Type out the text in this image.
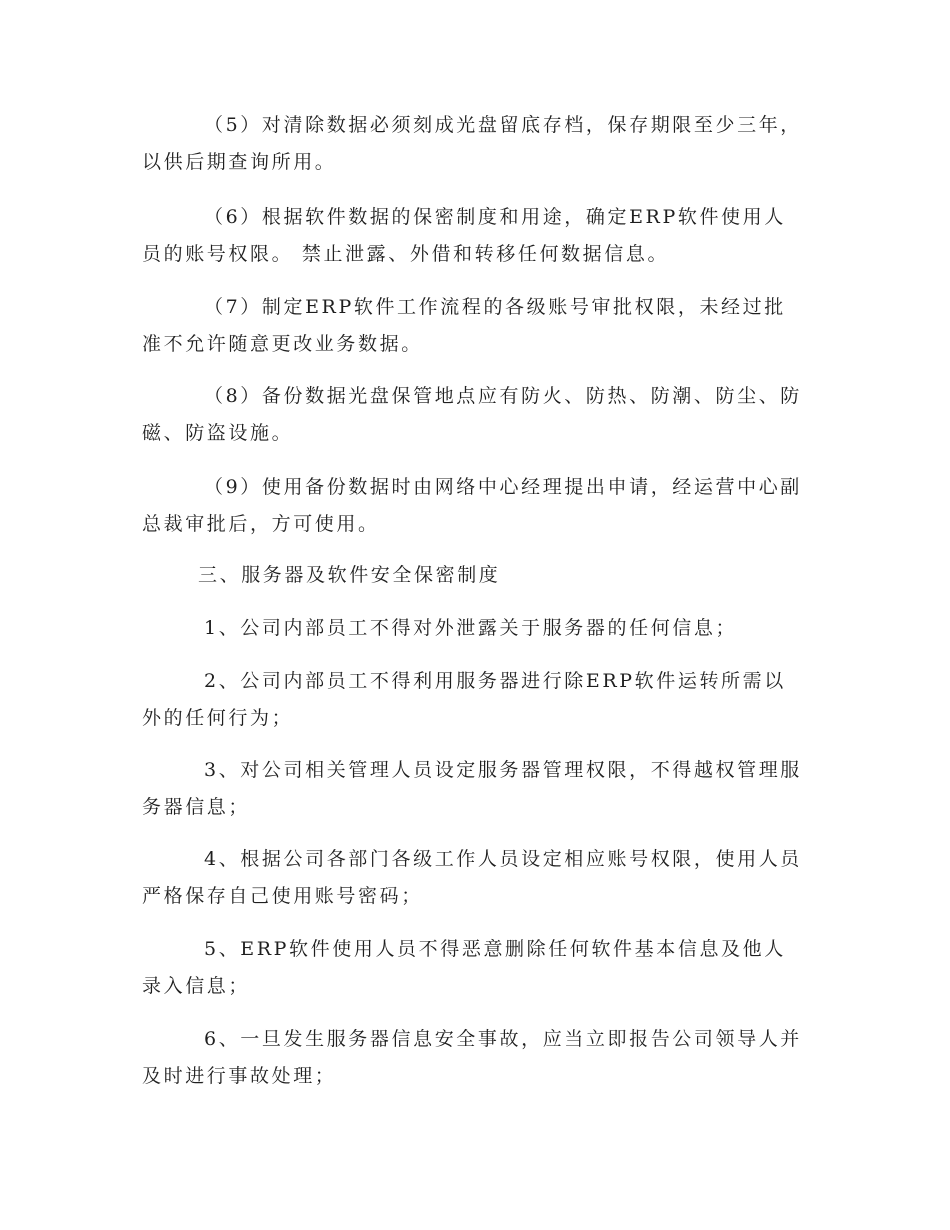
（5）对清除数据必须刻成光盘留底存档，保存期限至少三年，以供后期查询所用。

（6）根据软件数据的保密制度和用途，确定ERP软件使用人员的账号权限。 禁止泄露、外借和转移任何数据信息。

（7）制定ERP软件工作流程的各级账号审批权限，未经过批准不允许随意更改业务数据。

（8）备份数据光盘保管地点应有防火、防热、防潮、防尘、防磁、防盗设施。

（9）使用备份数据时由网络中心经理提出申请，经运营中心副总裁审批后，方可使用。

三、服务器及软件安全保密制度

1、公司内部员工不得对外泄露关于服务器的任何信息；

2、公司内部员工不得利用服务器进行除ERP软件运转所需以外的任何行为；

3、对公司相关管理人员设定服务器管理权限，不得越权管理服务器信息；

4、根据公司各部门各级工作人员设定相应账号权限，使用人员严格保存自己使用账号密码；

5、ERP软件使用人员不得恶意删除任何软件基本信息及他人录入信息；

6、一旦发生服务器信息安全事故，应当立即报告公司领导人并及时进行事故处理；
